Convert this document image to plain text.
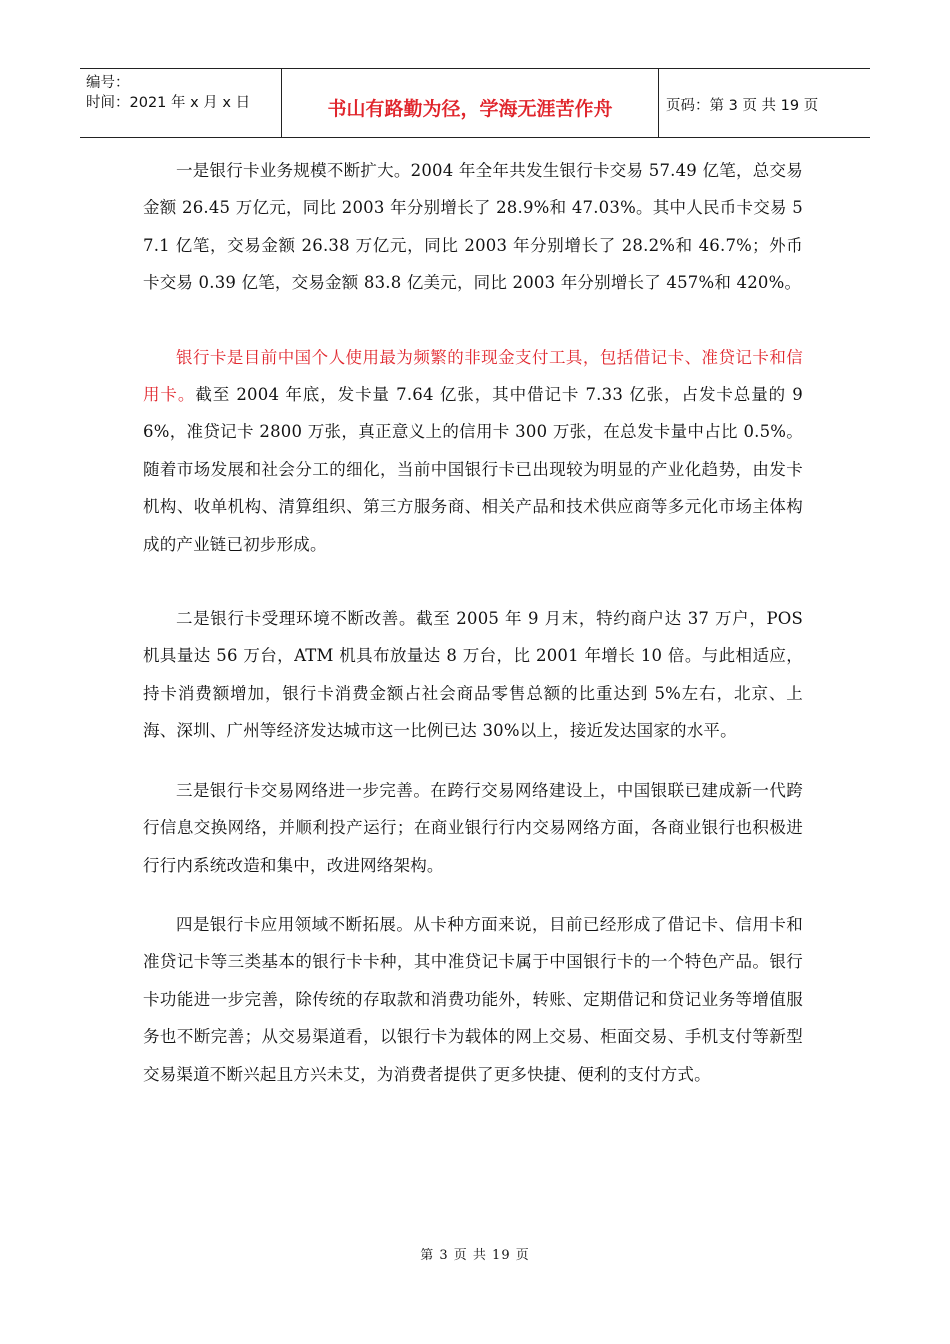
编号：
时间：2021 年 x 月 x 日	书山有路勤为径，学海无涯苦作舟	页码：第 3 页 共 19 页

一是银行卡业务规模不断扩大。2004 年全年共发生银行卡交易 57.49 亿笔，总交易金额 26.45 万亿元，同比 2003 年分别增长了 28.9%和 47.03%。其中人民币卡交易 57.1 亿笔，交易金额 26.38 万亿元，同比 2003 年分别增长了 28.2%和 46.7%；外币卡交易 0.39 亿笔，交易金额 83.8 亿美元，同比 2003 年分别增长了 457%和 420%。

银行卡是目前中国个人使用最为频繁的非现金支付工具，包括借记卡、准贷记卡和信用卡。截至 2004 年底，发卡量 7.64 亿张，其中借记卡 7.33 亿张，占发卡总量的 96%，准贷记卡 2800 万张，真正意义上的信用卡 300 万张，在总发卡量中占比 0.5%。随着市场发展和社会分工的细化，当前中国银行卡已出现较为明显的产业化趋势，由发卡机构、收单机构、清算组织、第三方服务商、相关产品和技术供应商等多元化市场主体构成的产业链已初步形成。

二是银行卡受理环境不断改善。截至 2005 年 9 月末，特约商户达 37 万户，POS 机具量达 56 万台，ATM 机具布放量达 8 万台，比 2001 年增长 10 倍。与此相适应，持卡消费额增加，银行卡消费金额占社会商品零售总额的比重达到 5%左右，北京、上海、深圳、广州等经济发达城市这一比例已达 30%以上，接近发达国家的水平。

三是银行卡交易网络进一步完善。在跨行交易网络建设上，中国银联已建成新一代跨行信息交换网络，并顺利投产运行；在商业银行行内交易网络方面，各商业银行也积极进行行内系统改造和集中，改进网络架构。

四是银行卡应用领域不断拓展。从卡种方面来说，目前已经形成了借记卡、信用卡和准贷记卡等三类基本的银行卡卡种，其中准贷记卡属于中国银行卡的一个特色产品。银行卡功能进一步完善，除传统的存取款和消费功能外，转账、定期借记和贷记业务等增值服务也不断完善；从交易渠道看，以银行卡为载体的网上交易、柜面交易、手机支付等新型交易渠道不断兴起且方兴未艾，为消费者提供了更多快捷、便利的支付方式。

第 3 页 共 19 页
